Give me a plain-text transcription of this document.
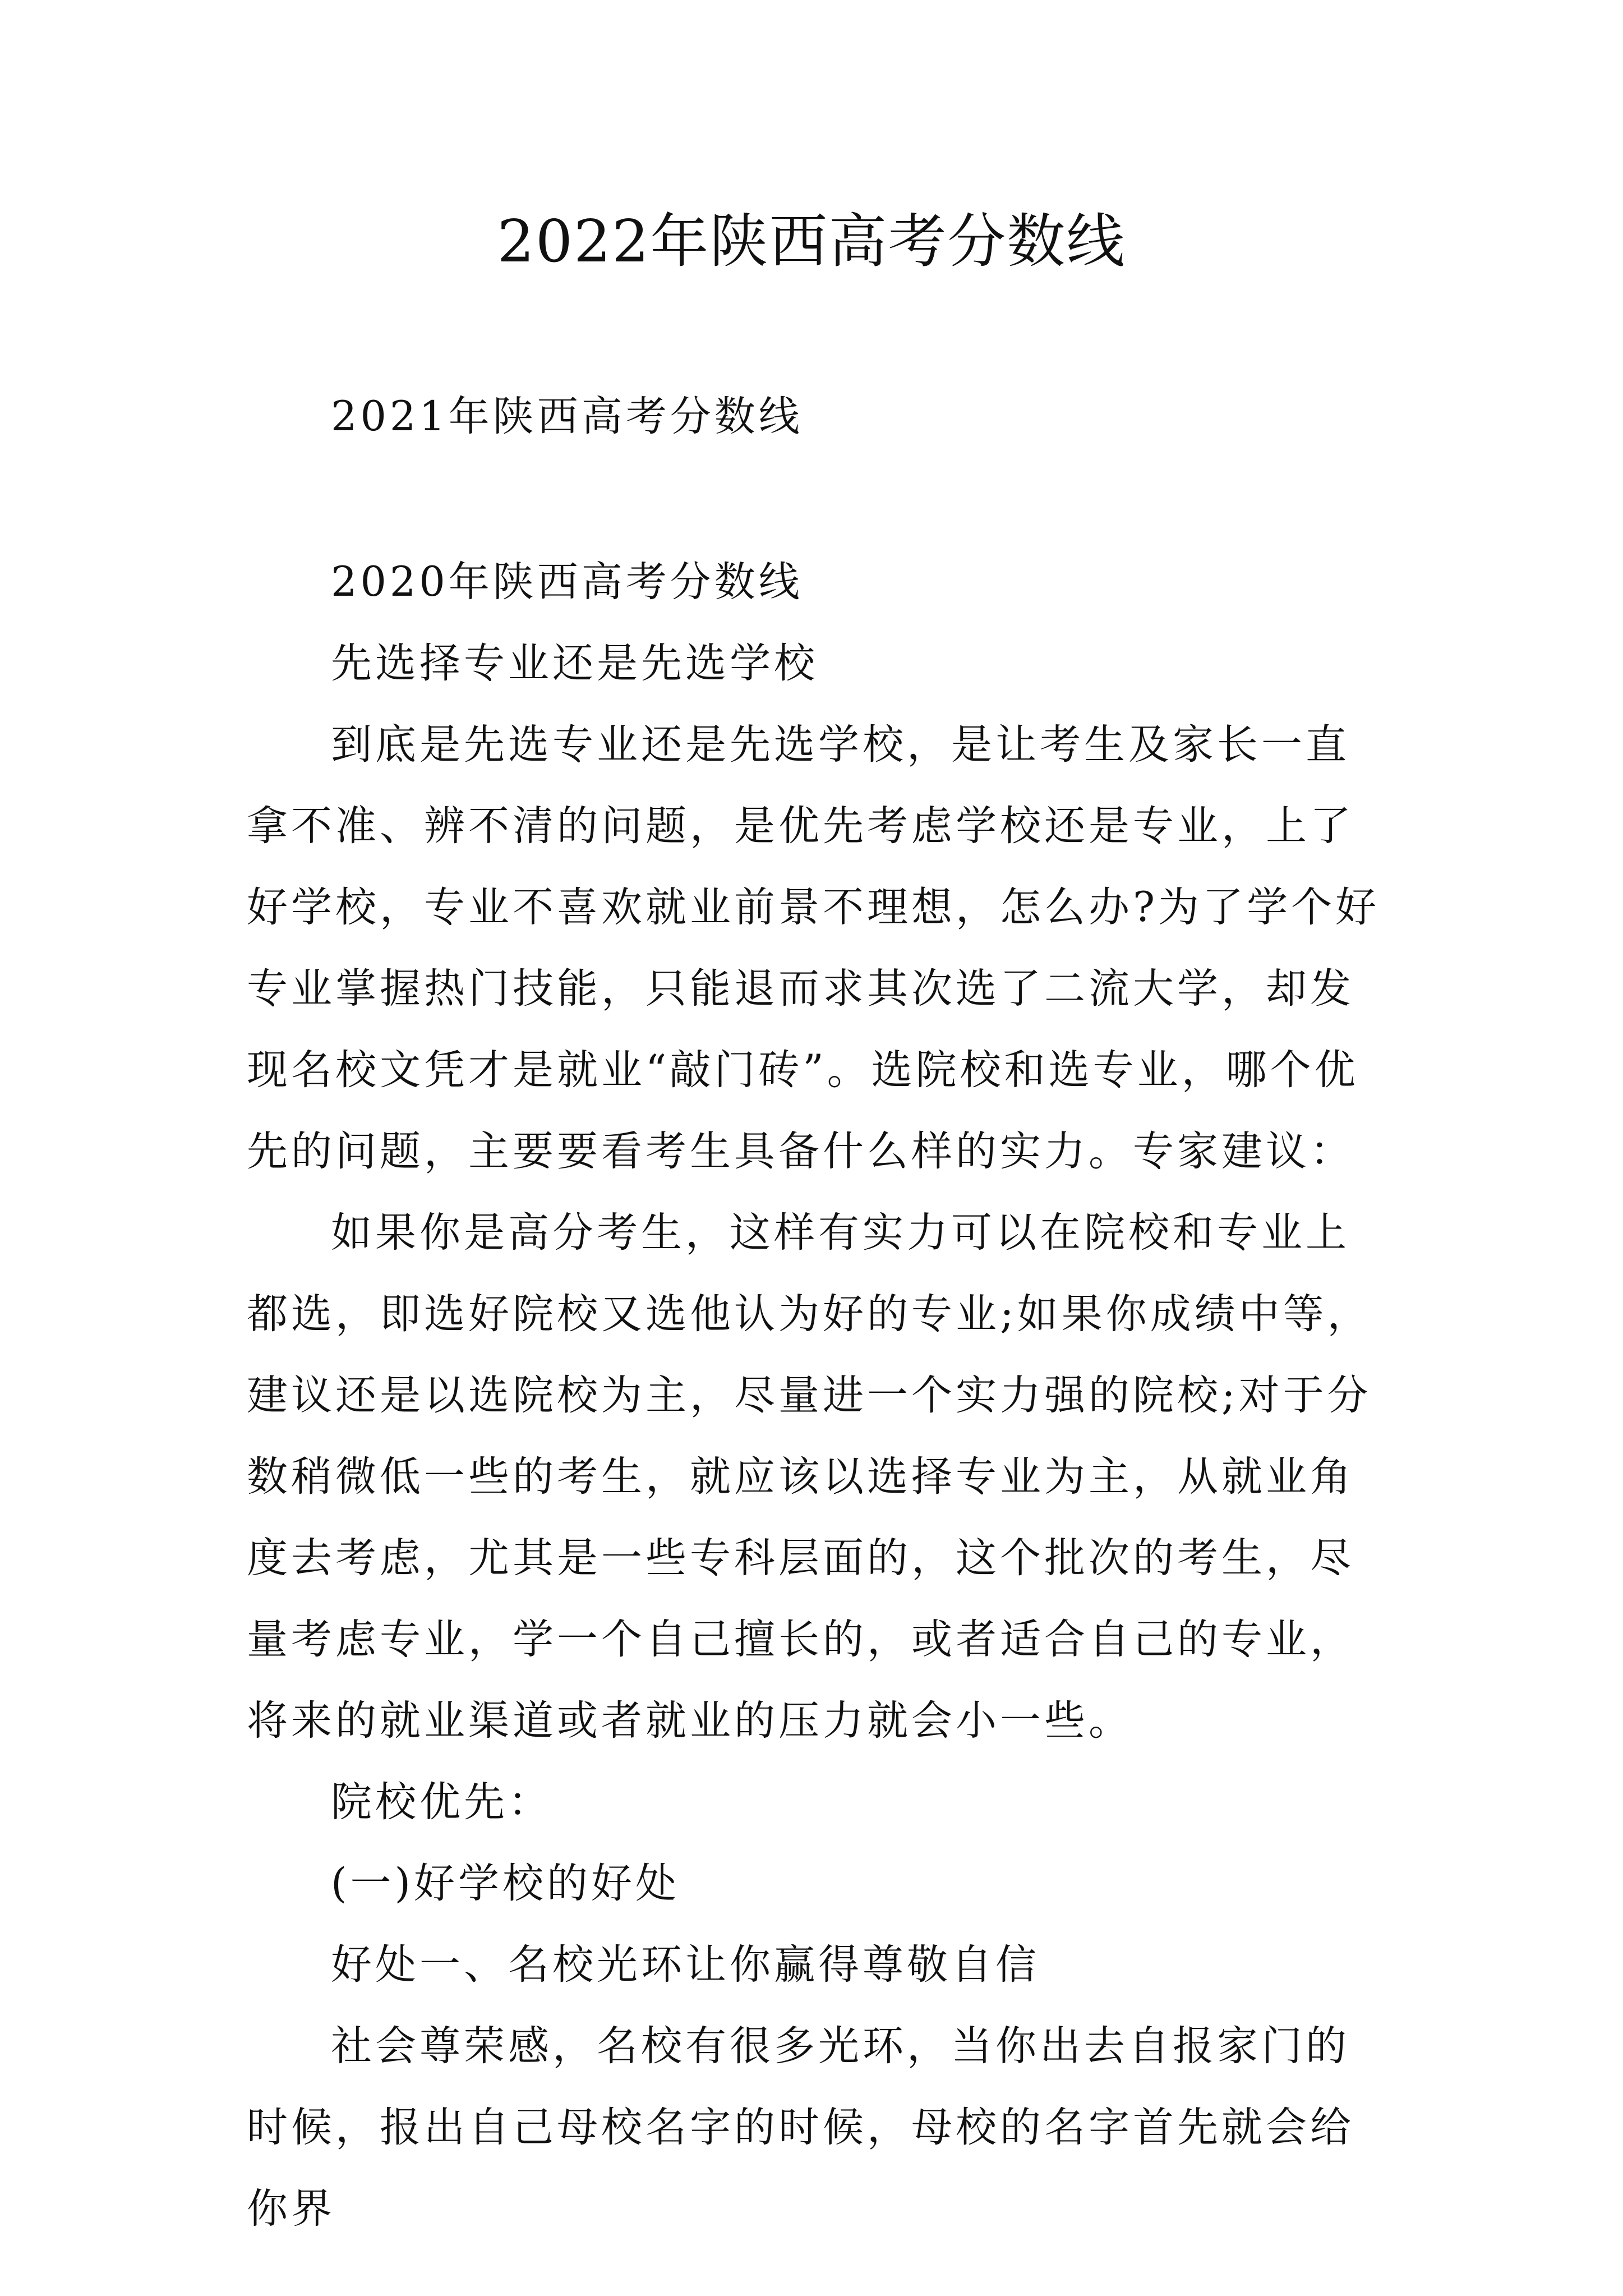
2022年陕西高考分数线

2021年陕西高考分数线

2020年陕西高考分数线

先选择专业还是先选学校

到底是先选专业还是先选学校，是让考生及家长一直拿不准、辨不清的问题，是优先考虑学校还是专业，上了好学校，专业不喜欢就业前景不理想，怎么办?为了学个好专业掌握热门技能，只能退而求其次选了二流大学，却发现名校文凭才是就业“敲门砖”。选院校和选专业，哪个优先的问题，主要要看考生具备什么样的实力。专家建议：

如果你是高分考生，这样有实力可以在院校和专业上都选，即选好院校又选他认为好的专业;如果你成绩中等，建议还是以选院校为主，尽量进一个实力强的院校;对于分数稍微低一些的考生，就应该以选择专业为主，从就业角度去考虑，尤其是一些专科层面的，这个批次的考生，尽量考虑专业，学一个自己擅长的，或者适合自己的专业，将来的就业渠道或者就业的压力就会小一些。

院校优先：

(一)好学校的好处

好处一、名校光环让你赢得尊敬自信

社会尊荣感，名校有很多光环，当你出去自报家门的时候，报出自己母校名字的时候，母校的名字首先就会给你界
